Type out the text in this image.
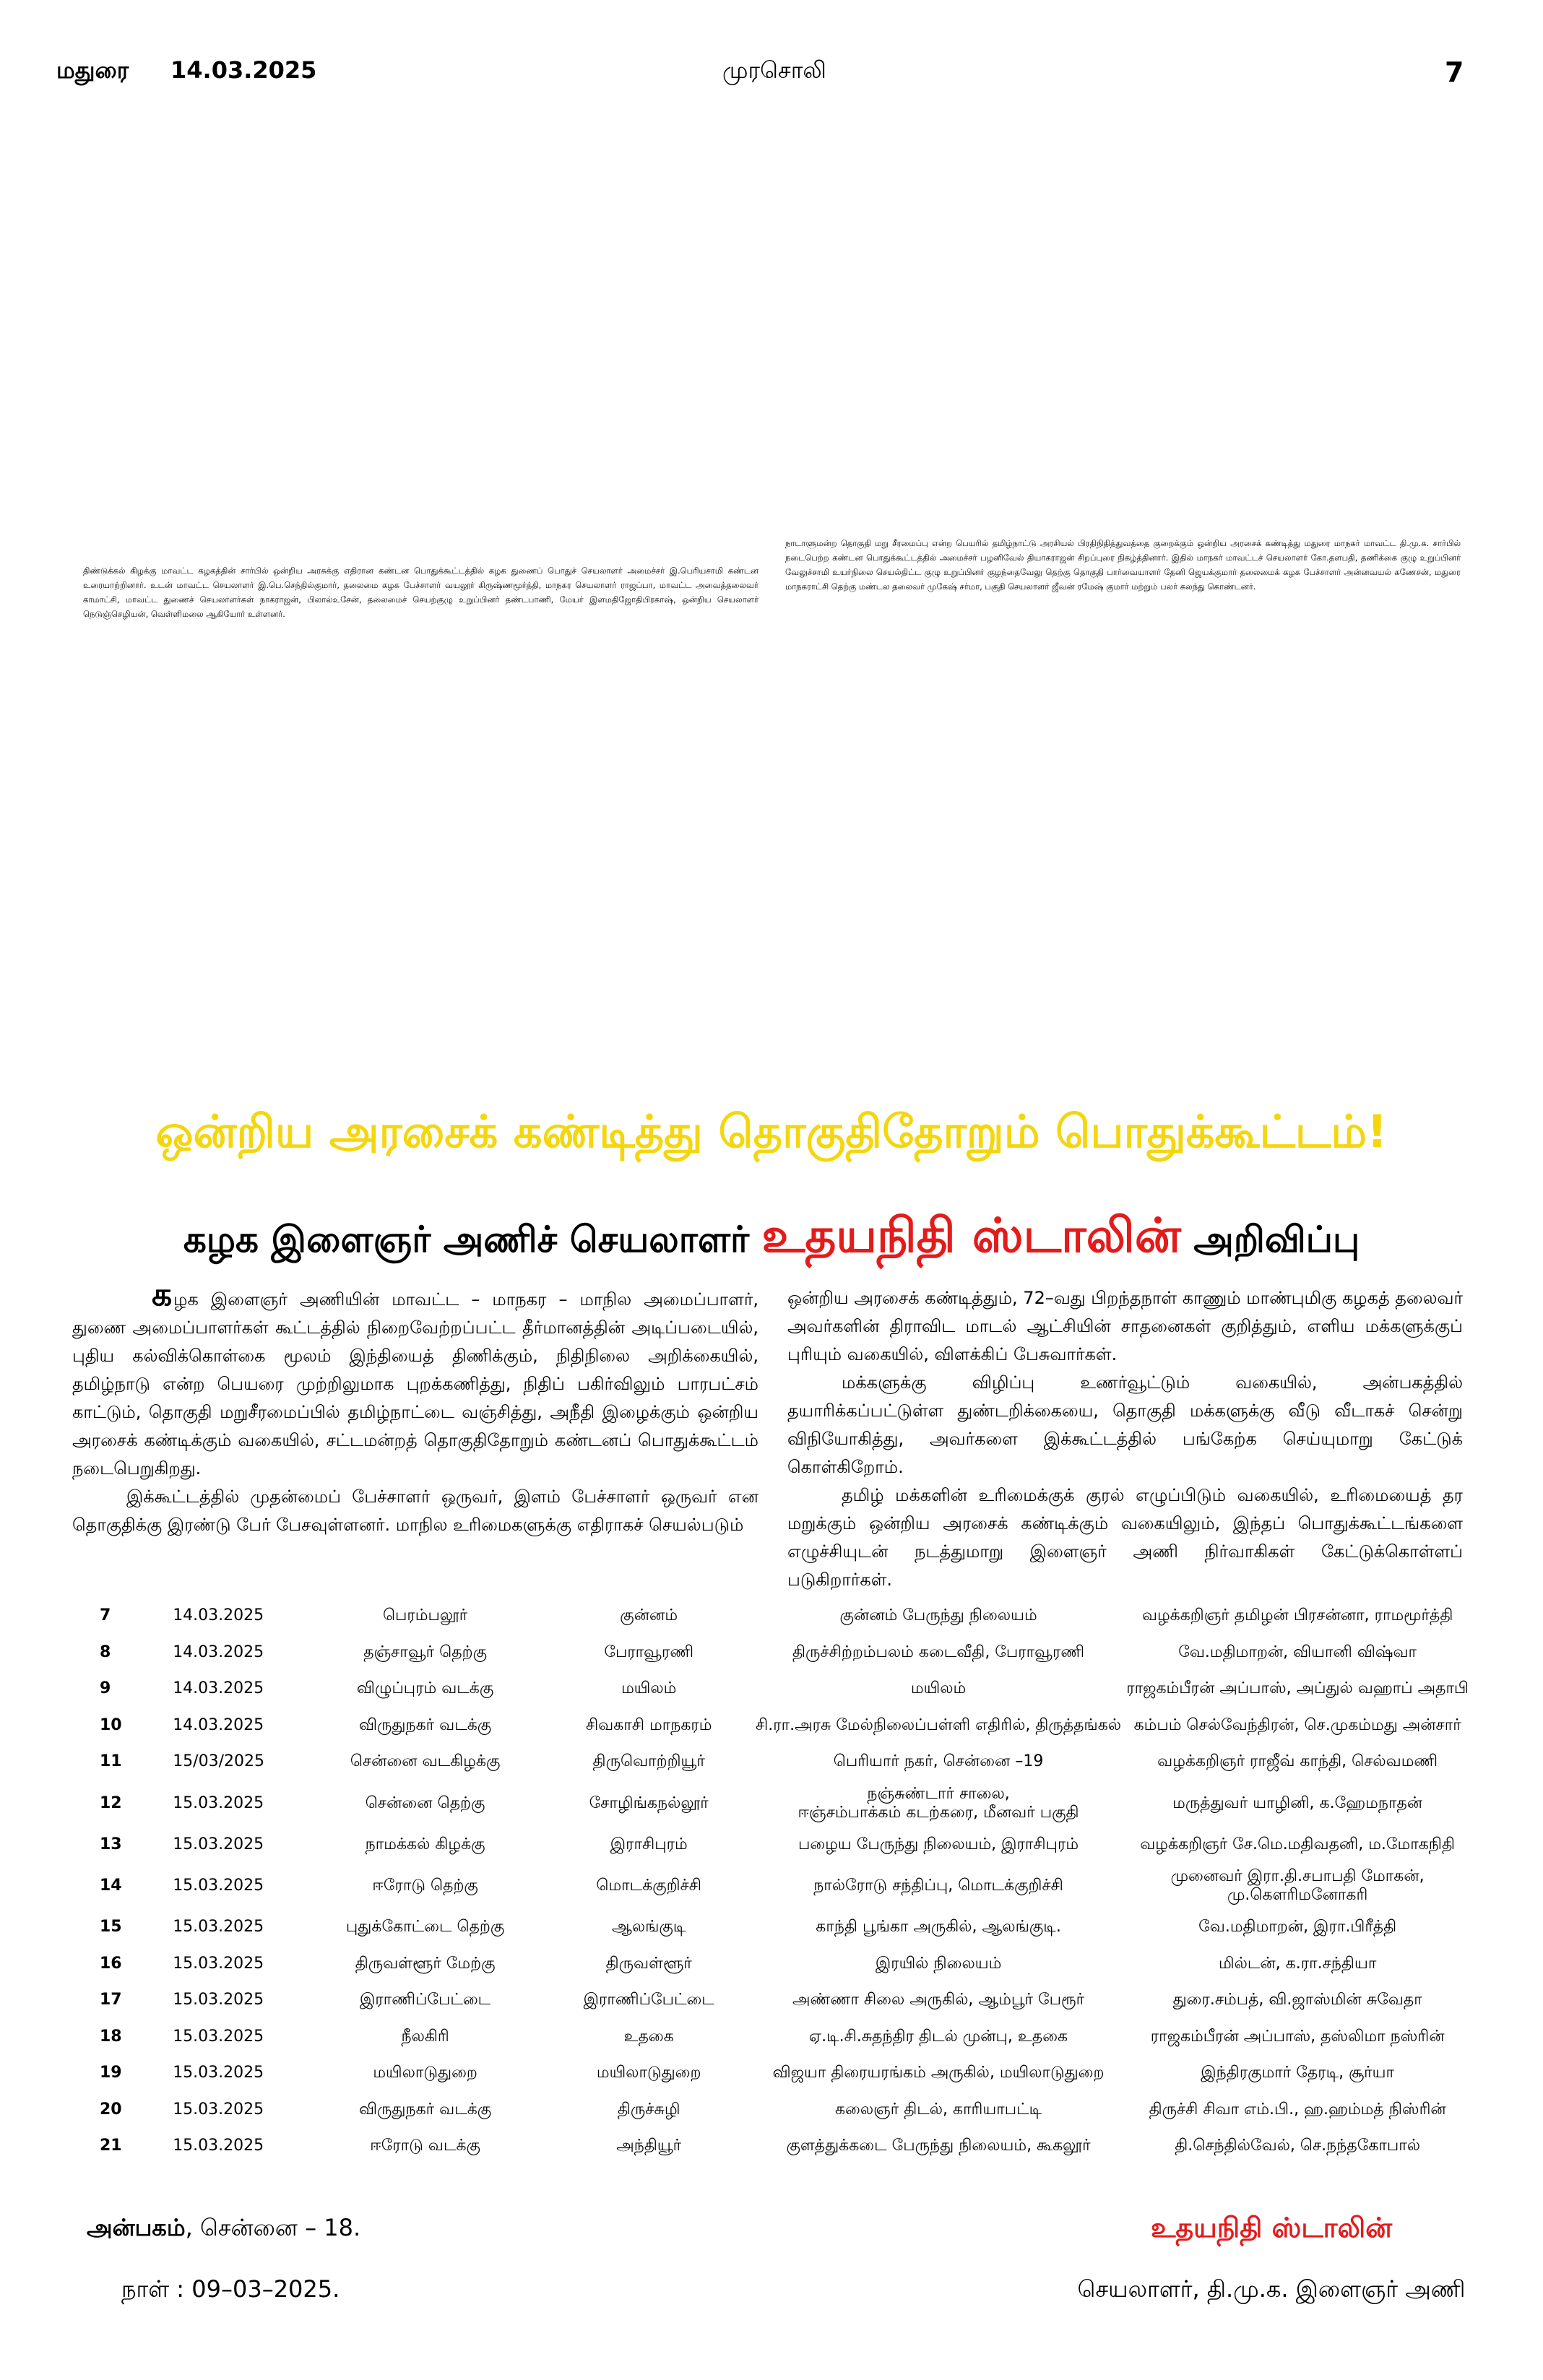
மதுரை 14.03.2025	முரசொலி	7
திண்டுக்கல் கிழக்கு மாவட்ட கழகத்தின் சார்பில் ஒன்றிய அரசுக்கு எதிரான கண்டன பொதுக்கூட்டத்தில் கழக துணைப் பொதுச் செயலாளர் அமைச்சர் இ.பெரியசாமி கண்டன உரையாற்றினார். உடன் மாவட்ட செயலாளர் இ.பெ.செந்தில்குமார், தலைமை கழக பேச்சாளர் வயலூர் கிருஷ்ணமூர்த்தி, மாநகர செயலாளர் ராஜப்பா, மாவட்ட அவைத்தலைவர் காமாட்சி, மாவட்ட துணைச் செயலாளர்கள் நாகராஜன், பிலால்உசேன், தலைமைச் செயற்குழு உறுப்பினர் தண்டபாணி, மேயர் இளமதிஜோதிபிரகாஷ், ஒன்றிய செயலாளர் நெடுஞ்செழியன், வெள்ளிமலை ஆகியோர் உள்ளனர்.
நாடாளுமன்ற தொகுதி மறு சீரமைப்பு என்ற பெயரில் தமிழ்நாட்டு அரசியல் பிரதிநிதித்துவத்தை குறைக்கும் ஒன்றிய அரசைக் கண்டித்து மதுரை மாநகர் மாவட்ட தி.மு.க. சார்பில் நடைபெற்ற கண்டன பொதுக்கூட்டத்தில் அமைச்சர் பழனிவேல் தியாகராஜன் சிறப்புரை நிகழ்த்தினார். இதில் மாநகர் மாவட்டச் செயலாளர் கோ.தளபதி, தணிக்கை குழு உறுப்பினர் வேலுச்சாமி உயர்நிலை செயல்திட்ட குழு உறுப்பினர் குழந்தைவேலு தெற்கு தொகுதி பார்வையாளர் தேனி ஜெயக்குமார் தலைமைக் கழக பேச்சாளர் அன்னவயல் கணேசன், மதுரை மாநகராட்சி தெற்கு மண்டல தலைவர் முகேஷ் சர்மா, பகுதி செயலாளர் ஜீவன் ரமேஷ் குமார் மற்றும் பலர் கலந்து கொண்டனர்.
ஒன்றிய அரசைக் கண்டித்து தொகுதிதோறும் பொதுக்கூட்டம்!
கழக இளைஞர் அணிச் செயலாளர் உதயநிதி ஸ்டாலின் அறிவிப்பு

கழக இளைஞர் அணியின் மாவட்ட – மாநகர – மாநில அமைப்பாளர், துணை அமைப்பாளர்கள் கூட்டத்தில் நிறைவேற்றப்பட்ட தீர்மானத்தின் அடிப்படையில், புதிய கல்விக்கொள்கை மூலம் இந்தியைத் திணிக்கும், நிதிநிலை அறிக்கையில், தமிழ்நாடு என்ற பெயரை முற்றிலுமாக புறக்கணித்து, நிதிப் பகிர்விலும் பாரபட்சம் காட்டும், தொகுதி மறுசீரமைப்பில் தமிழ்நாட்டை வஞ்சித்து, அநீதி இழைக்கும் ஒன்றிய அரசைக் கண்டிக்கும் வகையில், சட்டமன்றத் தொகுதிதோறும் கண்டனப் பொதுக்கூட்டம் நடைபெறுகிறது.

இக்கூட்டத்தில் முதன்மைப் பேச்சாளர் ஒருவர், இளம் பேச்சாளர் ஒருவர் என தொகுதிக்கு இரண்டு பேர் பேசவுள்ளனர். மாநில உரிமைகளுக்கு எதிராகச் செயல்படும்

ஒன்றிய அரசைக் கண்டித்தும், 72–வது பிறந்தநாள் காணும் மாண்புமிகு கழகத் தலைவர் அவர்களின் திராவிட மாடல் ஆட்சியின் சாதனைகள் குறித்தும், எளிய மக்களுக்குப் புரியும் வகையில், விளக்கிப் பேசுவார்கள்.

மக்களுக்கு விழிப்பு உணர்வூட்டும் வகையில், அன்பகத்தில் தயாரிக்கப்பட்டுள்ள துண்டறிக்கையை, தொகுதி மக்களுக்கு வீடு வீடாகச் சென்று விநியோகித்து, அவர்களை இக்கூட்டத்தில் பங்கேற்க செய்யுமாறு கேட்டுக் கொள்கிறோம்.

தமிழ் மக்களின் உரிமைக்குக் குரல் எழுப்பிடும் வகையில், உரிமையைத் தர மறுக்கும் ஒன்றிய அரசைக் கண்டிக்கும் வகையிலும், இந்தப் பொதுக்கூட்டங்களை எழுச்சியுடன் நடத்துமாறு இளைஞர் அணி நிர்வாகிகள் கேட்டுக்கொள்ளப் படுகிறார்கள்.

7	14.03.2025	பெரம்பலூர்	குன்னம்	குன்னம் பேருந்து நிலையம்	வழக்கறிஞர் தமிழன் பிரசன்னா, ராமமூர்த்தி
8	14.03.2025	தஞ்சாவூர் தெற்கு	பேராவூரணி	திருச்சிற்றம்பலம் கடைவீதி, பேராவூரணி	வே.மதிமாறன், வியானி விஷ்வா
9	14.03.2025	விழுப்புரம் வடக்கு	மயிலம்	மயிலம்	ராஜகம்பீரன் அப்பாஸ், அப்துல் வஹாப் அதாபி
10	14.03.2025	விருதுநகர் வடக்கு	சிவகாசி மாநகரம்	சி.ரா.அரசு மேல்நிலைப்பள்ளி எதிரில், திருத்தங்கல்	கம்பம் செல்வேந்திரன், செ.முகம்மது அன்சார்
11	15/03/2025	சென்னை வடகிழக்கு	திருவொற்றியூர்	பெரியார் நகர், சென்னை –19	வழக்கறிஞர் ராஜீவ் காந்தி, செல்வமணி
12	15.03.2025	சென்னை தெற்கு	சோழிங்கநல்லூர்	நஞ்சுண்டார் சாலை,
ஈஞ்சம்பாக்கம் கடற்கரை, மீனவர் பகுதி	மருத்துவர் யாழினி, க.ஹேமநாதன்
13	15.03.2025	நாமக்கல் கிழக்கு	இராசிபுரம்	பழைய பேருந்து நிலையம், இராசிபுரம்	வழக்கறிஞர் சே.மெ.மதிவதனி, ம.மோகநிதி
14	15.03.2025	ஈரோடு தெற்கு	மொடக்குறிச்சி	நால்ரோடு சந்திப்பு, மொடக்குறிச்சி	முனைவர் இரா.தி.சபாபதி மோகன்,
மு.கௌரிமனோகரி
15	15.03.2025	புதுக்கோட்டை தெற்கு	ஆலங்குடி	காந்தி பூங்கா அருகில், ஆலங்குடி.	வே.மதிமாறன், இரா.பிரீத்தி
16	15.03.2025	திருவள்ளூர் மேற்கு	திருவள்ளூர்	இரயில் நிலையம்	மில்டன், க.ரா.சந்தியா
17	15.03.2025	இராணிப்பேட்டை	இராணிப்பேட்டை	அண்ணா சிலை அருகில், ஆம்பூர் பேரூர்	துரை.சம்பத், வி.ஜாஸ்மின் சுவேதா
18	15.03.2025	நீலகிரி	உதகை	ஏ.டி.சி.சுதந்திர திடல் முன்பு, உதகை	ராஜகம்பீரன் அப்பாஸ், தஸ்லிமா நஸ்ரின்
19	15.03.2025	மயிலாடுதுறை	மயிலாடுதுறை	விஜயா திரையரங்கம் அருகில், மயிலாடுதுறை	இந்திரகுமார் தேரடி, சூர்யா
20	15.03.2025	விருதுநகர் வடக்கு	திருச்சுழி	கலைஞர் திடல், காரியாபட்டி	திருச்சி சிவா எம்.பி., ஹ.ஹம்மத் நிஸ்ரின்
21	15.03.2025	ஈரோடு வடக்கு	அந்தியூர்	குளத்துக்கடை பேருந்து நிலையம், கூகலூர்	தி.செந்தில்வேல், செ.நந்தகோபால்
அன்பகம், சென்னை – 18.
நாள் : 09–03–2025.
உதயநிதி ஸ்டாலின்
செயலாளர், தி.மு.க. இளைஞர் அணி
